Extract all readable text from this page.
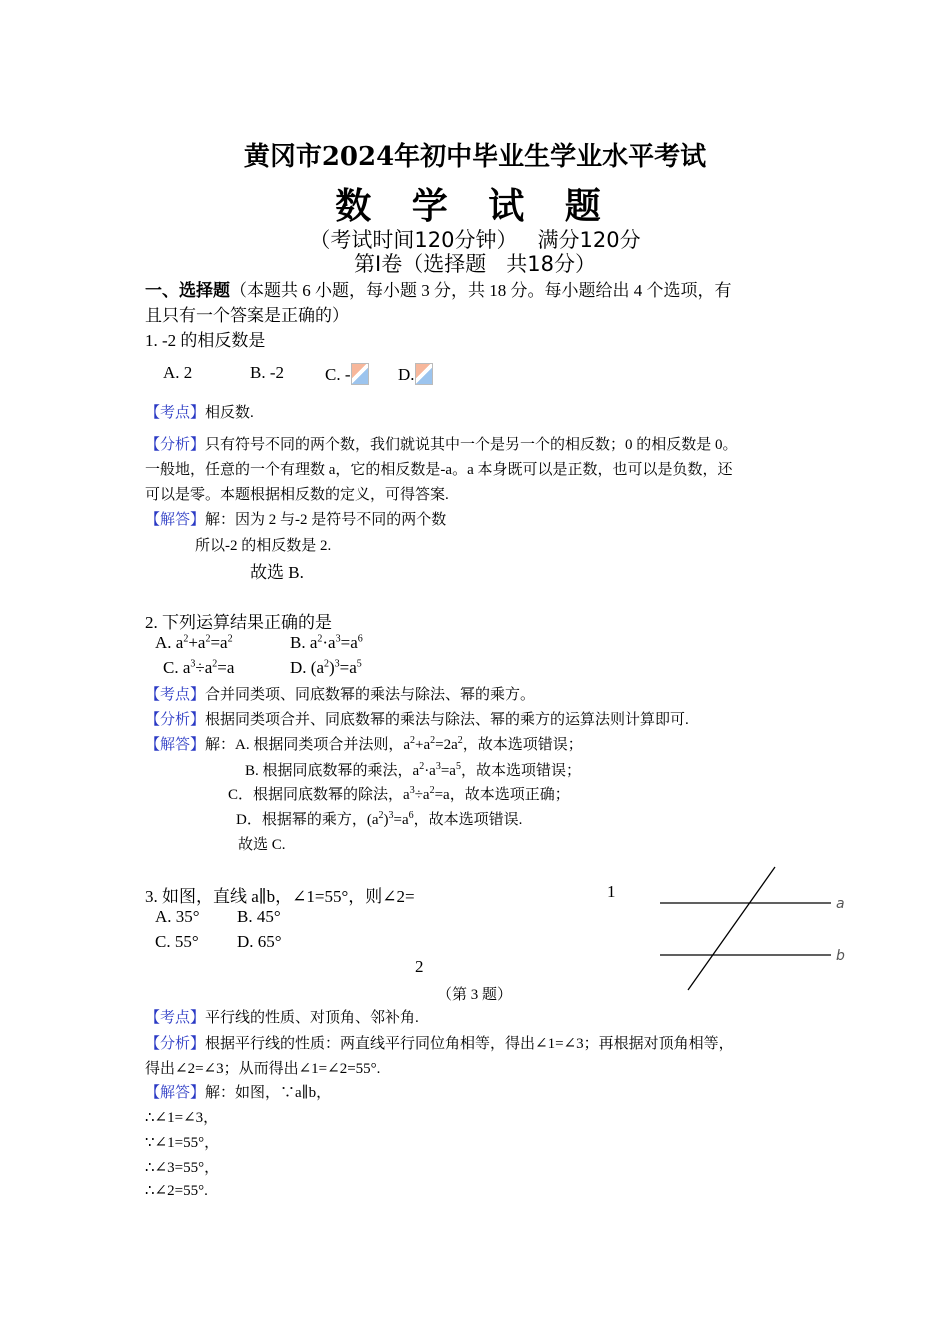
黄冈市2024年初中毕业生学业水平考试
数 学 试 题
（考试时间120分钟）   满分120分
第Ⅰ卷（选择题   共18分）
一、选择题（本题共 6 小题，每小题 3 分，共 18 分。每小题给出 4 个选项，有
且只有一个答案是正确的）
1. -2 的相反数是
A. 2	B. -2 C. -	D.
【考点】相反数.
【分析】只有符号不同的两个数，我们就说其中一个是另一个的相反数；0 的相反数是 0。
一般地，任意的一个有理数 a，它的相反数是-a。a 本身既可以是正数，也可以是负数，还
可以是零。本题根据相反数的定义，可得答案.
【解答】解：因为 2 与-2 是符号不同的两个数
所以-2 的相反数是 2.
故选 B.
2. 下列运算结果正确的是
A. $a^2+a^2=a^2$	B. $a^2\cdot a^3=a^6$
C. $a^3\div a^2=a$	D. $(a^2)^3=a^5$
【考点】合并同类项、同底数幂的乘法与除法、幂的乘方。
【分析】根据同类项合并、同底数幂的乘法与除法、幂的乘方的运算法则计算即可.
【解答】解：A. 根据同类项合并法则，$a^2+a^2=2a^2$，故本选项错误；
B. 根据同底数幂的乘法，$a^2\cdot a^3=a^5$，故本选项错误；
C．根据同底数幂的除法，$a^3\div a^2=a$，故本选项正确；
D．根据幂的乘方，$(a^2)^3=a^6$，故本选项错误.
故选 C.
3. 如图，直线 a∥b，∠1=55°，则∠2=	1
A. 35° B. 45°
C. 55° D. 65°
2
（第 3 题）
a
b
【考点】平行线的性质、对顶角、邻补角.
【分析】根据平行线的性质：两直线平行同位角相等，得出∠1=∠3；再根据对顶角相等，
得出∠2=∠3；从而得出∠1=∠2=55°.
【解答】解：如图，∵a∥b，
∴∠1=∠3，
∵∠1=55°，
∴∠3=55°，
∴∠2=55°.
